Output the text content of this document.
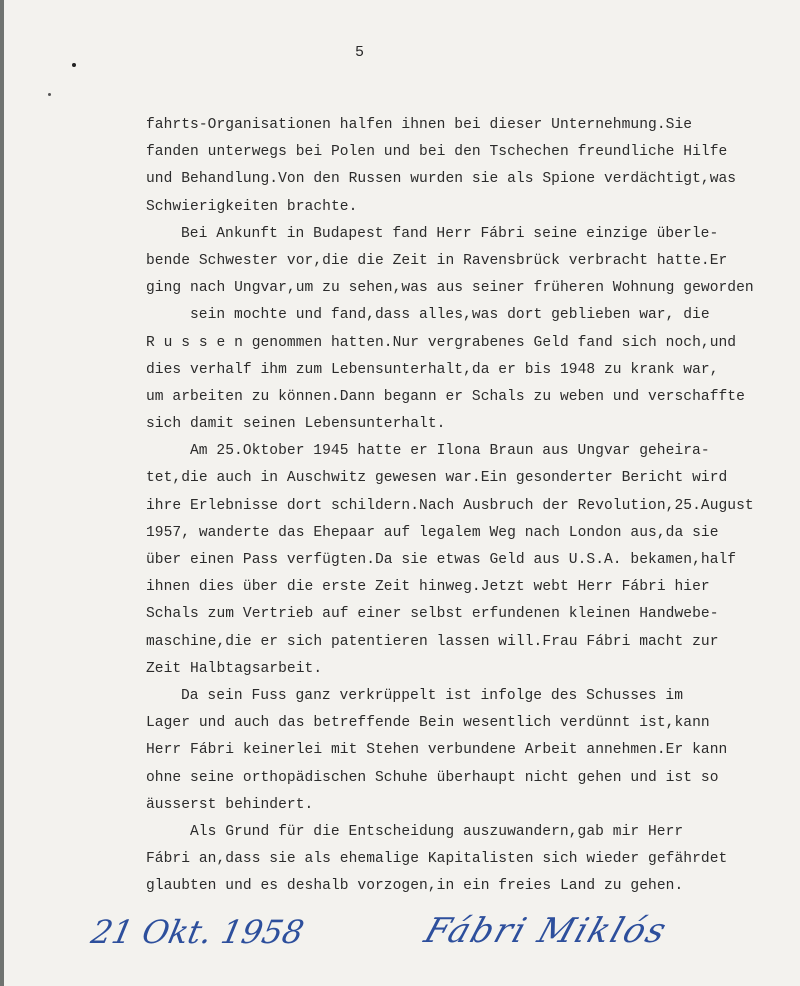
5
fahrts-Organisationen halfen ihnen bei dieser Unternehmung.Sie
fanden unterwegs bei Polen und bei den Tschechen freundliche Hilfe
und Behandlung.Von den Russen wurden sie als Spione verdächtigt,was
Schwierigkeiten brachte.
Bei Ankunft in Budapest fand Herr Fábri seine einzige überle-
bende Schwester vor,die die Zeit in Ravensbrück verbracht hatte.Er
ging nach Ungvar,um zu sehen,was aus seiner früheren Wohnung geworden
sein mochte und fand,dass alles,was dort geblieben war, die
R u s s e n genommen hatten.Nur vergrabenes Geld fand sich noch,und
dies verhalf ihm zum Lebensunterhalt,da er bis 1948 zu krank war,
um arbeiten zu können.Dann begann er Schals zu weben und verschaffte
sich damit seinen Lebensunterhalt.
Am 25.Oktober 1945 hatte er Ilona Braun aus Ungvar geheira-
tet,die auch in Auschwitz gewesen war.Ein gesonderter Bericht wird
ihre Erlebnisse dort schildern.Nach Ausbruch der Revolution,25.August
1957, wanderte das Ehepaar auf legalem Weg nach London aus,da sie
über einen Pass verfügten.Da sie etwas Geld aus U.S.A. bekamen,half
ihnen dies über die erste Zeit hinweg.Jetzt webt Herr Fábri hier
Schals zum Vertrieb auf einer selbst erfundenen kleinen Handwebe-
maschine,die er sich patentieren lassen will.Frau Fábri macht zur
Zeit Halbtagsarbeit.
Da sein Fuss ganz verkrüppelt ist infolge des Schusses im
Lager und auch das betreffende Bein wesentlich verdünnt ist,kann
Herr Fábri keinerlei mit Stehen verbundene Arbeit annehmen.Er kann
ohne seine orthopädischen Schuhe überhaupt nicht gehen und ist so
äusserst behindert.
Als Grund für die Entscheidung auszuwandern,gab mir Herr
Fábri an,dass sie als ehemalige Kapitalisten sich wieder gefährdet
glaubten und es deshalb vorzogen,in ein freies Land zu gehen.
21 Okt. 1958	Fábri Miklós
